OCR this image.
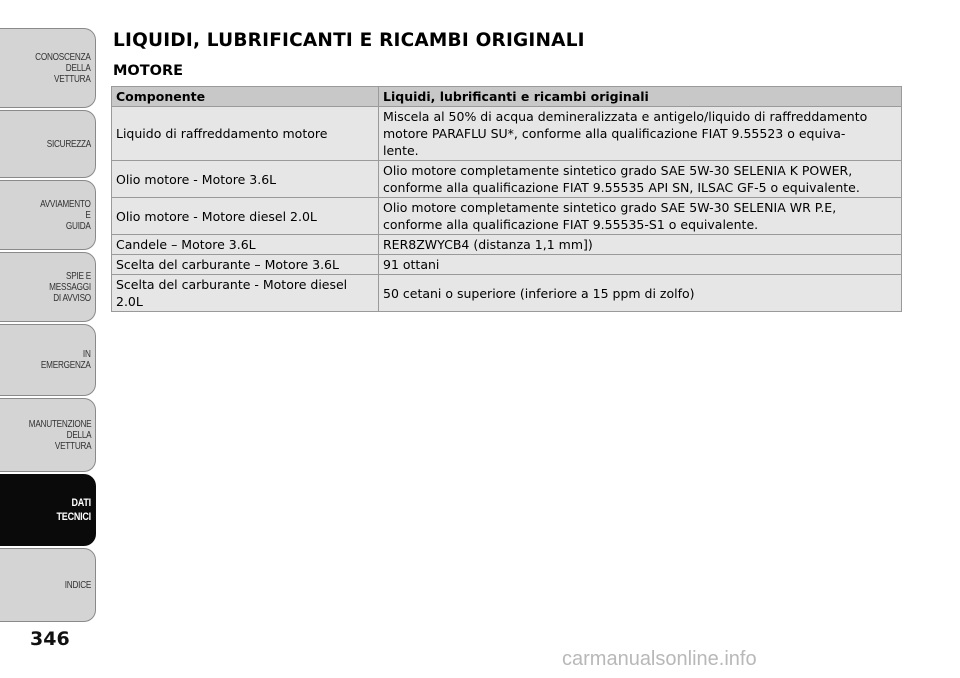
CONOSCENZA
DELLA
VETTURA
SICUREZZA
AVVIAMENTO
E
GUIDA
SPIE E
MESSAGGI
DI AVVISO
IN
EMERGENZA
MANUTENZIONE
DELLA
VETTURA
DATI
TECNICI
INDICE
346
LIQUIDI, LUBRIFICANTI E RICAMBI ORIGINALI
MOTORE
Componente	Liquidi, lubrificanti e ricambi originali
Liquido di raffreddamento motore	Miscela al 50% di acqua demineralizzata e antigelo/liquido di raffreddamento
motore PARAFLU SU*, conforme alla qualificazione FIAT 9.55523 o equiva-
lente.
Olio motore - Motore 3.6L	Olio motore completamente sintetico grado SAE 5W-30 SELENIA K POWER,
conforme alla qualificazione FIAT 9.55535 API SN, ILSAC GF-5 o equivalente.
Olio motore - Motore diesel 2.0L	Olio motore completamente sintetico grado SAE 5W-30 SELENIA WR P.E,
conforme alla qualificazione FIAT 9.55535-S1 o equivalente.
Candele – Motore 3.6L	RER8ZWYCB4 (distanza 1,1 mm])
Scelta del carburante – Motore 3.6L	91 ottani
Scelta del carburante - Motore diesel 2.0L	50 cetani o superiore (inferiore a 15 ppm di zolfo)
carmanualsonline.info
